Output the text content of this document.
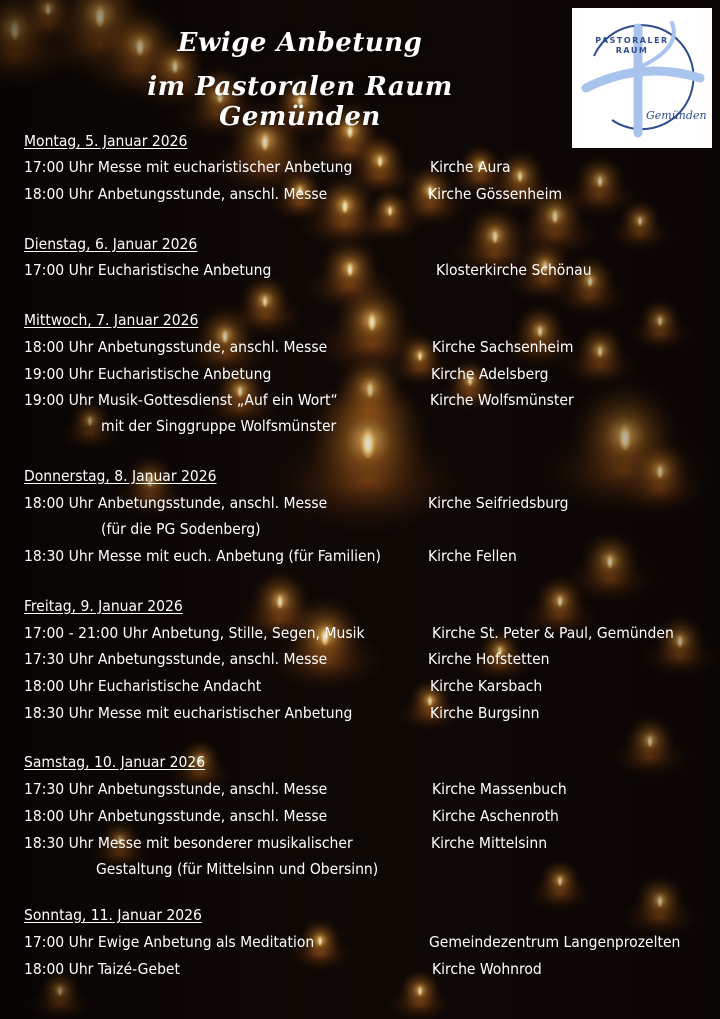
Ewige Anbetung
im Pastoralen Raum Gemünden
PASTORALER
RAUM
Gemünden
Montag, 5. Januar 2026
17:00 Uhr Messe mit eucharistischer Anbetung	Kirche Aura
18:00 Uhr Anbetungsstunde, anschl. Messe	Kirche Gössenheim
Dienstag, 6. Januar 2026
17:00 Uhr Eucharistische Anbetung	Klosterkirche Schönau
Mittwoch, 7. Januar 2026
18:00 Uhr Anbetungsstunde, anschl. Messe	Kirche Sachsenheim
19:00 Uhr Eucharistische Anbetung	Kirche Adelsberg
19:00 Uhr Musik-Gottesdienst „Auf ein Wort“	Kirche Wolfsmünster
mit der Singgruppe Wolfsmünster
Donnerstag, 8. Januar 2026
18:00 Uhr Anbetungsstunde, anschl. Messe	Kirche Seifriedsburg
(für die PG Sodenberg)
18:30 Uhr Messe mit euch. Anbetung (für Familien)	Kirche Fellen
Freitag, 9. Januar 2026
17:00 - 21:00 Uhr Anbetung, Stille, Segen, Musik	Kirche St. Peter & Paul, Gemünden
17:30 Uhr Anbetungsstunde, anschl. Messe	Kirche Hofstetten
18:00 Uhr Eucharistische Andacht	Kirche Karsbach
18:30 Uhr Messe mit eucharistischer Anbetung	Kirche Burgsinn
Samstag, 10. Januar 2026
17:30 Uhr Anbetungsstunde, anschl. Messe	Kirche Massenbuch
18:00 Uhr Anbetungsstunde, anschl. Messe	Kirche Aschenroth
18:30 Uhr Messe mit besonderer musikalischer	Kirche Mittelsinn
Gestaltung (für Mittelsinn und Obersinn)
Sonntag, 11. Januar 2026
17:00 Uhr Ewige Anbetung als Meditation	Gemeindezentrum Langenprozelten
18:00 Uhr Taizé-Gebet	Kirche Wohnrod
